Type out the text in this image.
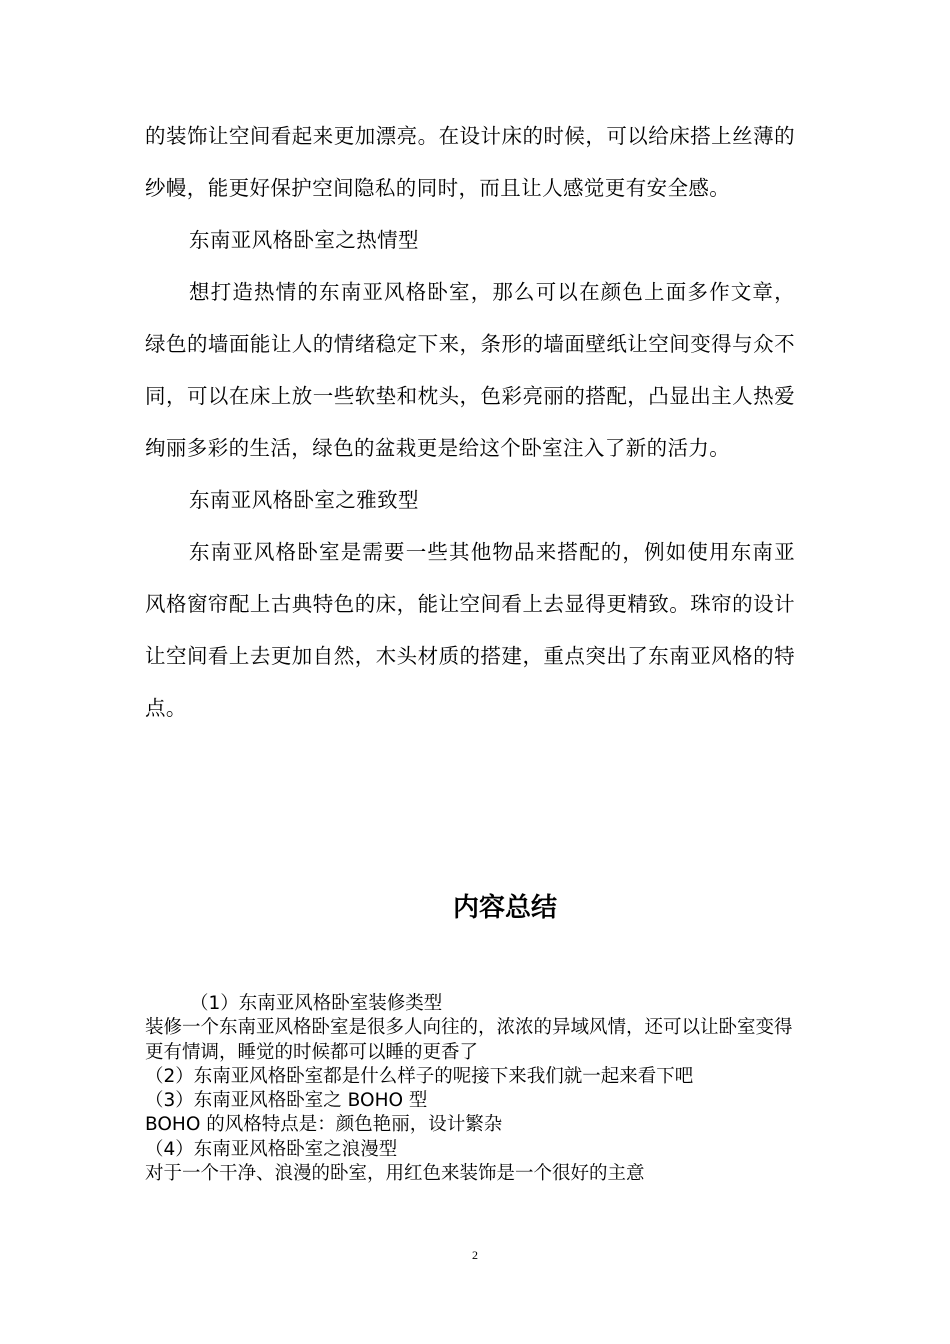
的装饰让空间看起来更加漂亮。在设计床的时候，可以给床搭上丝薄的纱幔，能更好保护空间隐私的同时，而且让人感觉更有安全感。

东南亚风格卧室之热情型

想打造热情的东南亚风格卧室，那么可以在颜色上面多作文章，绿色的墙面能让人的情绪稳定下来，条形的墙面壁纸让空间变得与众不同，可以在床上放一些软垫和枕头，色彩亮丽的搭配，凸显出主人热爱绚丽多彩的生活，绿色的盆栽更是给这个卧室注入了新的活力。

东南亚风格卧室之雅致型

东南亚风格卧室是需要一些其他物品来搭配的，例如使用东南亚风格窗帘配上古典特色的床，能让空间看上去显得更精致。珠帘的设计让空间看上去更加自然，木头材质的搭建，重点突出了东南亚风格的特点。

内容总结
（1）东南亚风格卧室装修类型
装修一个东南亚风格卧室是很多人向往的，浓浓的异域风情，还可以让卧室变得更有情调，睡觉的时候都可以睡的更香了
（2）东南亚风格卧室都是什么样子的呢接下来我们就一起来看下吧
（3）东南亚风格卧室之 BOHO 型
BOHO 的风格特点是：颜色艳丽，设计繁杂
（4）东南亚风格卧室之浪漫型
对于一个干净、浪漫的卧室，用红色来装饰是一个很好的主意
2
